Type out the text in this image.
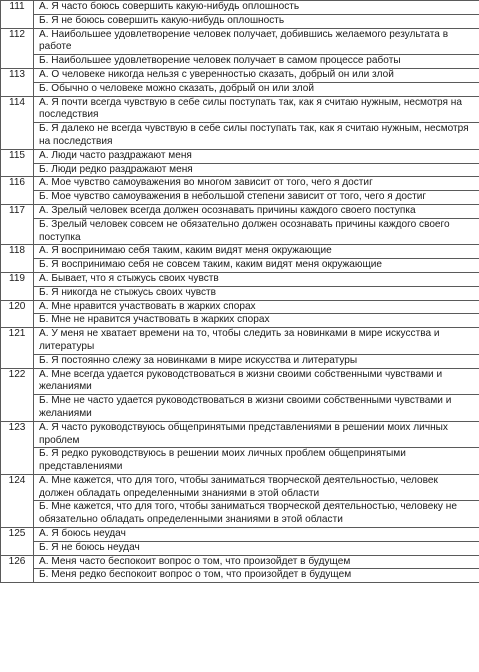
111	А. Я часто боюсь совершить какую-нибудь оплошность
	Б. Я не боюсь совершить какую-нибудь оплошность
112	А. Наибольшее удовлетворение человек получает, добившись желаемого результата в работе
	Б. Наибольшее удовлетворение человек получает в самом процессе работы
113	А. О человеке никогда нельзя с уверенностью сказать, добрый он или злой
	Б. Обычно о человеке можно сказать, добрый он или злой
114	А. Я почти всегда чувствую в себе силы поступать так, как я считаю нужным, несмотря на последствия
	Б. Я далеко не всегда чувствую в себе силы поступать так, как я считаю нужным, несмотря на последствия
115	А. Люди часто раздражают меня
	Б. Люди редко раздражают меня
116	А. Мое чувство самоуважения во многом зависит от того, чего я достиг
	Б. Мое чувство самоуважения в небольшой степени зависит от того, чего я достиг
117	А. Зрелый человек всегда должен осознавать причины каждого своего поступка
	Б. Зрелый человек совсем не обязательно должен осознавать причины каждого своего поступка
118	А. Я воспринимаю себя таким, каким видят меня окружающие
	Б. Я воспринимаю себя не совсем таким, каким видят меня окружающие
119	А. Бывает, что я стыжусь своих чувств
	Б. Я никогда не стыжусь своих чувств
120	А. Мне нравится участвовать в жарких спорах
	Б. Мне не нравится участвовать в жарких спорах
121	А. У меня не хватает времени на то, чтобы следить за новинками в мире искусства и литературы
	Б. Я постоянно слежу за новинками в мире искусства и литературы
122	А. Мне всегда удается руководствоваться в жизни своими собственными чувствами и желаниями
	Б. Мне не часто удается руководствоваться в жизни своими собственными чувствами и желаниями
123	А. Я часто руководствуюсь общепринятыми представлениями в решении моих личных проблем
	Б. Я редко руководствуюсь в решении моих личных проблем общепринятыми представлениями
124	А. Мне кажется, что для того, чтобы заниматься творческой деятельностью, человек должен обладать определенными знаниями в этой области
	Б. Мне кажется, что для того, чтобы заниматься творческой деятельностью, человеку не обязательно обладать определенными знаниями в этой области
125	А. Я боюсь неудач
	Б. Я не боюсь неудач
126	А. Меня часто беспокоит вопрос о том, что произойдет в будущем
	Б. Меня редко беспокоит вопрос о том, что произойдет в будущем
